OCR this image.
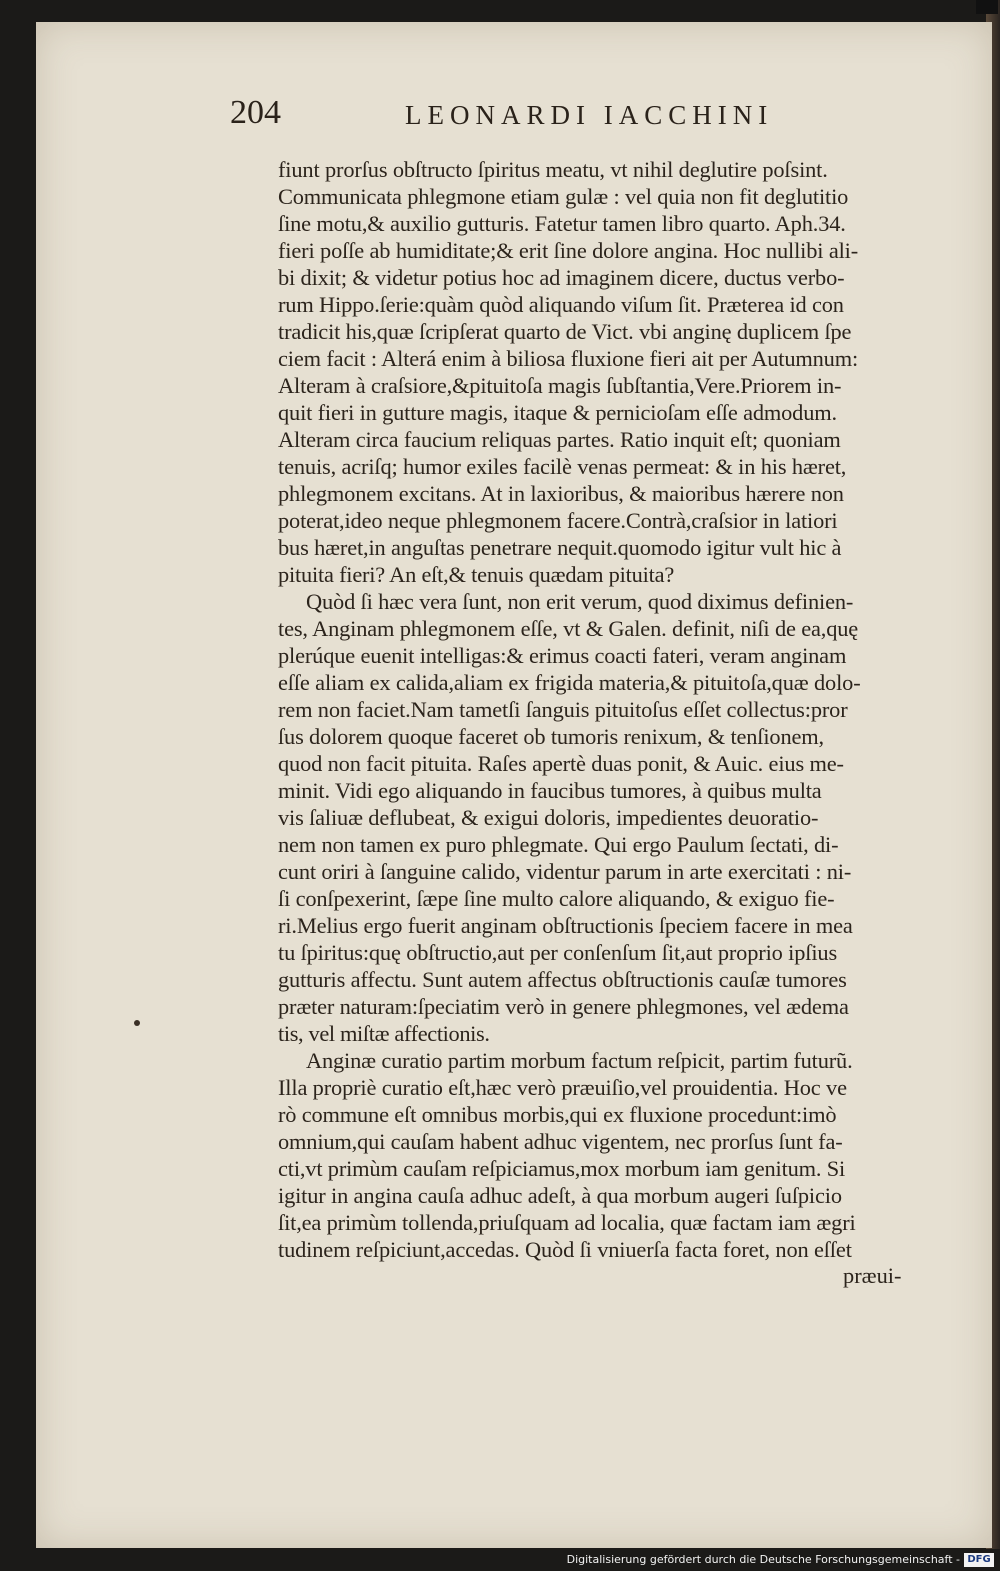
204	LEONARDI IACCHINI
fiunt prorſus obſtructo ſpiritus meatu, vt nihil deglutire poſsint.
Communicata phlegmone etiam gulæ : vel quia non fit deglutitio
ſine motu,& auxilio gutturis. Fatetur tamen libro quarto. Aph.34.
fieri poſſe ab humiditate;& erit ſine dolore angina. Hoc nullibi ali-
bi dixit; & videtur potius hoc ad imaginem dicere, ductus verbo-
rum Hippo.ſerie:quàm quòd aliquando viſum ſit. Præterea id con
tradicit his,quæ ſcripſerat quarto de Vict. vbi anginę duplicem ſpe
ciem facit : Alterá enim à biliosa fluxione fieri ait per Autumnum:
Alteram à craſsiore,&pituitoſa magis ſubſtantia,Vere.Priorem in-
quit fieri in gutture magis, itaque & pernicioſam eſſe admodum.
Alteram circa faucium reliquas partes. Ratio inquit eſt; quoniam
tenuis, acriſq; humor exiles facilè venas permeat: & in his hæret,
phlegmonem excitans. At in laxioribus, & maioribus hærere non
poterat,ideo neque phlegmonem facere.Contrà,craſsior in latiori
bus hæret,in anguſtas penetrare nequit.quomodo igitur vult hic à
pituita fieri? An eſt,& tenuis quædam pituita?
Quòd ſi hæc vera ſunt, non erit verum, quod diximus definien-
tes, Anginam phlegmonem eſſe, vt & Galen. definit, niſi de ea,quę
plerúque euenit intelligas:& erimus coacti fateri, veram anginam
eſſe aliam ex calida,aliam ex frigida materia,& pituitoſa,quæ dolo-
rem non faciet.Nam tametſi ſanguis pituitoſus eſſet collectus:pror
ſus dolorem quoque faceret ob tumoris renixum, & tenſionem,
quod non facit pituita. Raſes apertè duas ponit, & Auic. eius me-
minit. Vidi ego aliquando in faucibus tumores, à quibus multa
vis ſaliuæ deflubeat, & exigui doloris, impedientes deuoratio-
nem non tamen ex puro phlegmate. Qui ergo Paulum ſectati, di-
cunt oriri à ſanguine calido, videntur parum in arte exercitati : ni-
ſi conſpexerint, ſæpe ſine multo calore aliquando, & exiguo fie-
ri.Melius ergo fuerit anginam obſtructionis ſpeciem facere in mea
tu ſpiritus:quę obſtructio,aut per conſenſum ſit,aut proprio ipſius
gutturis affectu. Sunt autem affectus obſtructionis cauſæ tumores
præter naturam:ſpeciatim verò in genere phlegmones, vel ædema
tis, vel miſtæ affectionis.
Anginæ curatio partim morbum factum reſpicit, partim futurũ.
Illa propriè curatio eſt,hæc verò præuiſio,vel prouidentia. Hoc ve
rò commune eſt omnibus morbis,qui ex fluxione procedunt:imò
omnium,qui cauſam habent adhuc vigentem, nec prorſus ſunt fa-
cti,vt primùm cauſam reſpiciamus,mox morbum iam genitum. Si
igitur in angina cauſa adhuc adeſt, à qua morbum augeri ſuſpicio
ſit,ea primùm tollenda,priuſquam ad localia, quæ factam iam ægri
tudinem reſpiciunt,accedas. Quòd ſi vniuerſa facta foret, non eſſet
præui-
Digitalisierung gefördert durch die Deutsche Forschungsgemeinschaft - DFG
